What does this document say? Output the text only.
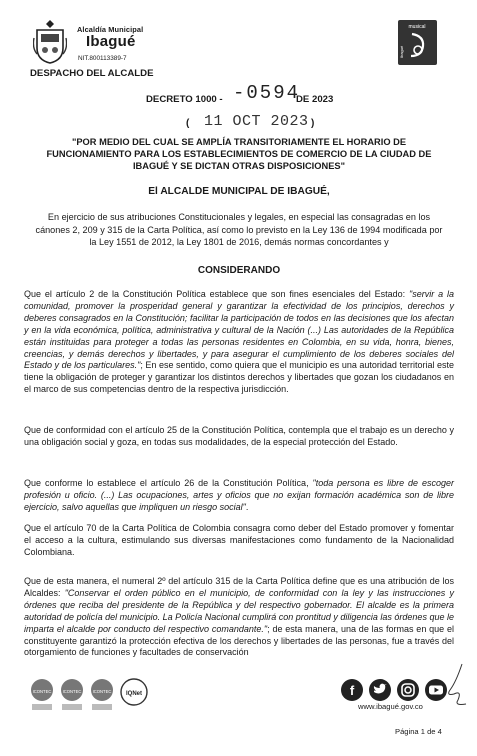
Alcaldía Municipal
Ibagué
NIT.800113389-7
DESPACHO DEL ALCALDE
musical
Ibagué
DECRETO 1000 - -0594
DE 2023
( 11 OCT 2023 )
"POR MEDIO DEL CUAL SE AMPLÍA TRANSITORIAMENTE EL HORARIO DE FUNCIONAMIENTO PARA LOS ESTABLECIMIENTOS DE COMERCIO DE LA CIUDAD DE IBAGUÉ Y SE DICTAN OTRAS DISPOSICIONES"
El ALCALDE MUNICIPAL DE IBAGUÉ,
En ejercicio de sus atribuciones Constitucionales y legales, en especial las consagradas en los cánones 2, 209 y 315 de la Carta Política, así como lo previsto en la Ley 136 de 1994 modificada por la Ley 1551 de 2012, la Ley 1801 de 2016, demás normas concordantes y
CONSIDERANDO
Que el artículo 2 de la Constitución Política establece que son fines esenciales del Estado: "servir a la comunidad, promover la prosperidad general y garantizar la efectividad de los principios, derechos y deberes consagrados en la Constitución; facilitar la participación de todos en las decisiones que los afectan y en la vida económica, política, administrativa y cultural de la Nación (...) Las autoridades de la República están instituidas para proteger a todas las personas residentes en Colombia, en su vida, honra, bienes, creencias, y demás derechos y libertades, y para asegurar el cumplimiento de los deberes sociales del Estado y de los particulares."; En ese sentido, como quiera que el municipio es una autoridad territorial este tiene la obligación de proteger y garantizar los distintos derechos y libertades que gozan los ciudadanos en el marco de sus competencias dentro de la respectiva jurisdicción.
Que de conformidad con el artículo 25 de la Constitución Política, contempla que el trabajo es un derecho y una obligación social y goza, en todas sus modalidades, de la especial protección del Estado.
Que conforme lo establece el artículo 26 de la Constitución Política, "toda persona es libre de escoger profesión u oficio. (...) Las ocupaciones, artes y oficios que no exijan formación académica son de libre ejercicio, salvo aquellas que impliquen un riesgo social".
Que el artículo 70 de la Carta Política de Colombia consagra como deber del Estado promover y fomentar el acceso a la cultura, estimulando sus diversas manifestaciones como fundamento de la Nacionalidad Colombiana.
Que de esta manera, el numeral 2º del artículo 315 de la Carta Política define que es una atribución de los Alcaldes: "Conservar el orden público en el municipio, de conformidad con la ley y las instrucciones y órdenes que reciba del presidente de la República y del respectivo gobernador. El alcalde es la primera autoridad de policía del municipio. La Policía Nacional cumplirá con prontitud y diligencia las órdenes que le imparta el alcalde por conducto del respectivo comandante."; de esta manera, una de las formas en que el constituyente garantizó la protección efectiva de los derechos y libertades de las personas, fue a través del otorgamiento de funciones y facultades de conservación
ICONTEC	ICONTEC	ICONTEC IQNet	f
www.ibagué.gov.co
Página 1 de 4
